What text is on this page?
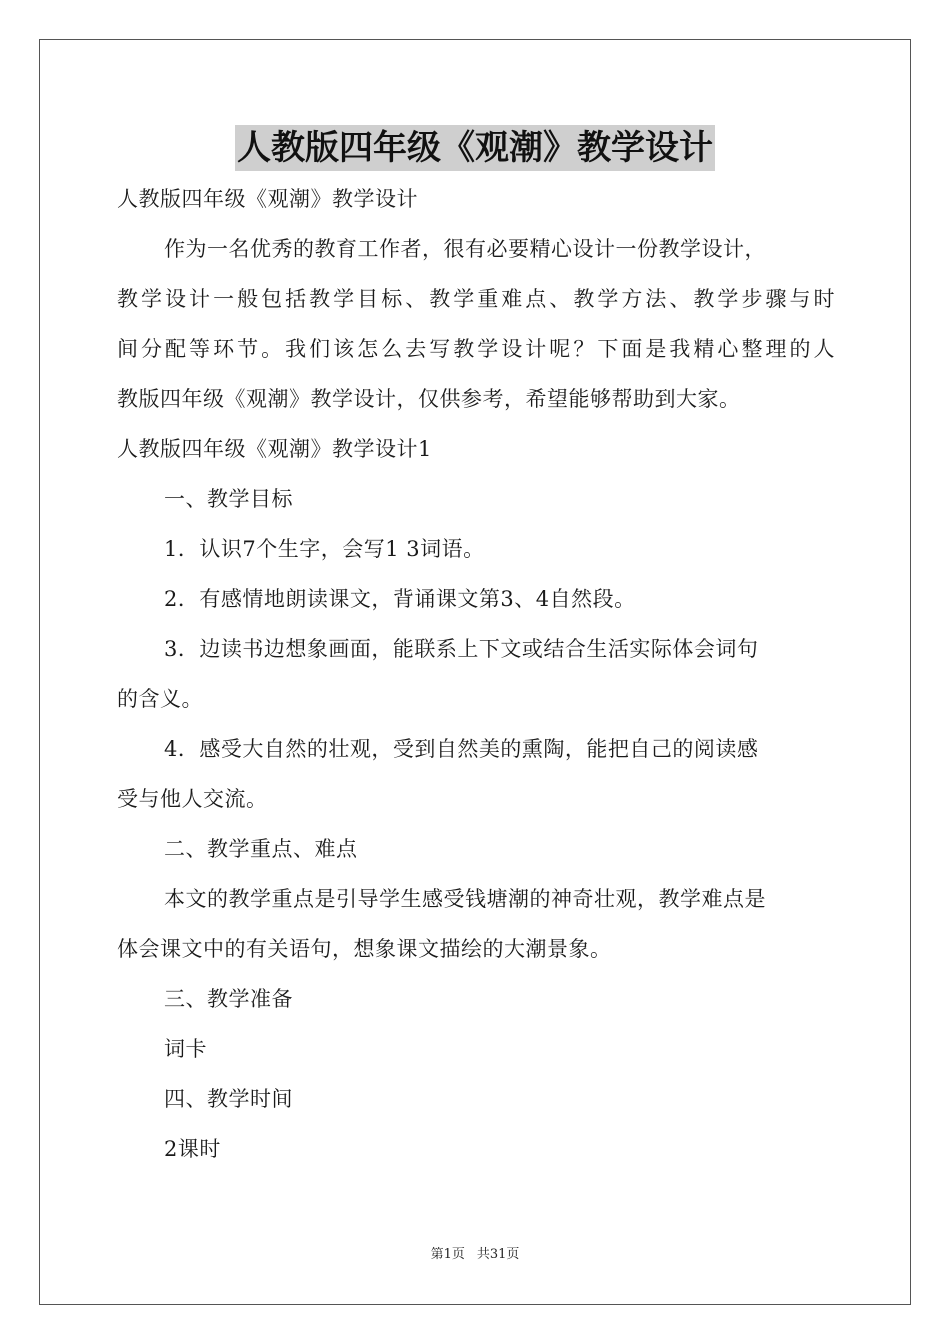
人教版四年级《观潮》教学设计
人教版四年级《观潮》教学设计
作为一名优秀的教育工作者，很有必要精心设计一份教学设计，
教学设计一般包括教学目标、教学重难点、教学方法、教学步骤与时
间分配等环节。我们该怎么去写教学设计呢？下面是我精心整理的人
教版四年级《观潮》教学设计，仅供参考，希望能够帮助到大家。
人教版四年级《观潮》教学设计1
一、教学目标
1．认识7个生字，会写1 3词语。
2．有感情地朗读课文，背诵课文第3、4自然段。
3．边读书边想象画面，能联系上下文或结合生活实际体会词句
的含义。
4．感受大自然的壮观，受到自然美的熏陶，能把自己的阅读感
受与他人交流。
二、教学重点、难点
本文的教学重点是引导学生感受钱塘潮的神奇壮观，教学难点是
体会课文中的有关语句，想象课文描绘的大潮景象。
三、教学准备
词卡
四、教学时间
2课时
第1页 共31页
